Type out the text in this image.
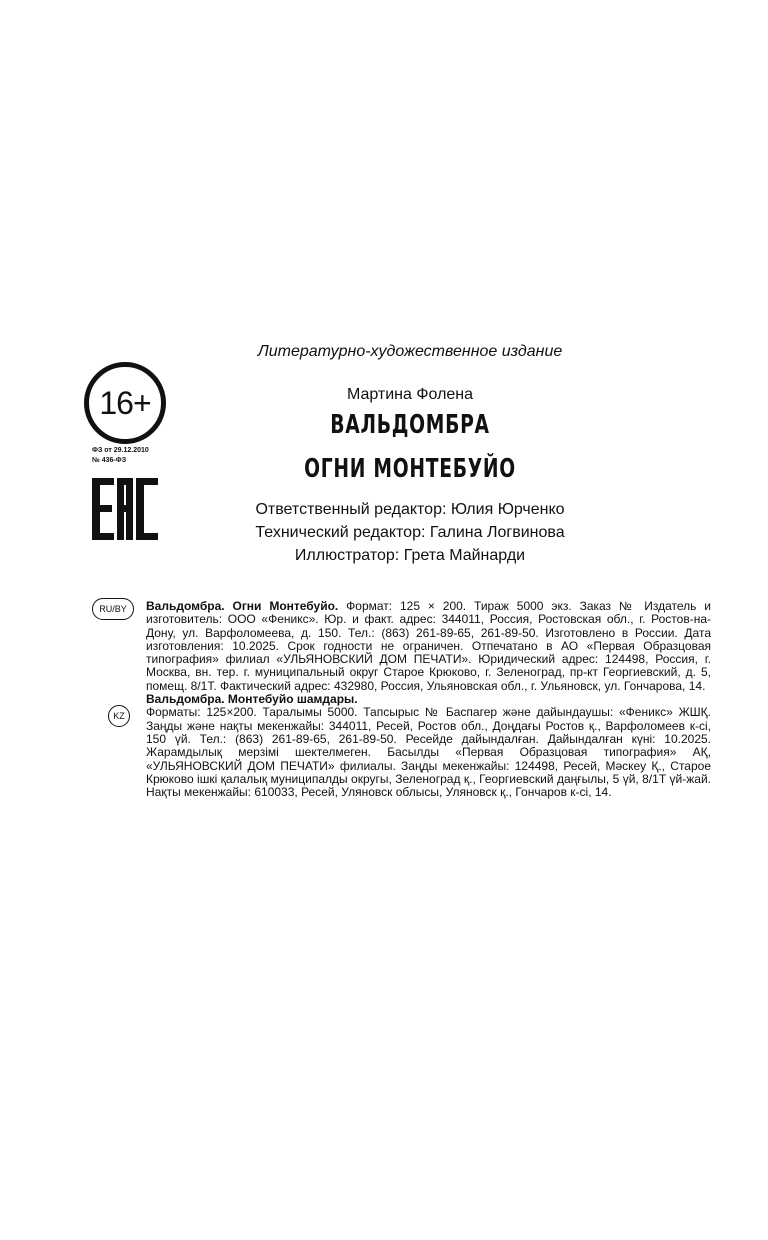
Литературно-художественное издание
16+
ФЗ от 29.12.2010
№ 436-ФЗ
Мартина Фолена
ВАЛЬДОМБРА
ОГНИ МОНТЕБУЙО
Ответственный редактор: Юлия Юрченко
Технический редактор: Галина Логвинова
Иллюстратор: Грета Майнарди
RU/BY
KZ

Вальдомбра. Огни Монтебуйо. Формат: 125 × 200. Тираж 5000 экз. Заказ № Издатель и изготовитель: ООО «Феникс». Юр. и факт. адрес: 344011, Россия, Ростовская обл., г. Ростов-на-Дону, ул. Варфоломеева, д. 150. Тел.: (863) 261-89-65, 261-89-50. Изготовлено в России. Дата изготовления: 10.2025. Срок годности не ограничен. Отпечатано в АО «Первая Образцовая типография» филиал «УЛЬЯНОВСКИЙ ДОМ ПЕЧАТИ». Юридический адрес: 124498, Россия, г. Москва, вн. тер. г. муниципальный округ Старое Крюково, г. Зеленоград, пр-кт Георгиевский, д. 5, помещ. 8/1Т. Фактический адрес: 432980, Россия, Ульяновская обл., г. Ульяновск, ул. Гончарова, 14.

Вальдомбра. Монтебуйо шамдары.
Форматы: 125×200. Таралымы 5000. Тапсырыс № Баспагер және дайындаушы: «Феникс» ЖШҚ. Заңды және нақты мекенжайы: 344011, Ресей, Ростов обл., Доңдағы Ростов қ., Варфоломеев к-сі, 150 үй. Тел.: (863) 261-89-65, 261-89-50. Ресейде дайындалған. Дайындалған күні: 10.2025. Жарамдылық мерзімі шектелмеген. Басылды «Первая Образцовая типография» АҚ, «УЛЬЯНОВСКИЙ ДОМ ПЕЧАТИ» филиалы. Заңды мекенжайы: 124498, Ресей, Мәскеу Қ., Старое Крюково ішкі қалалық муниципалды округы, Зеленоград қ., Георгиевский даңғылы, 5 үй, 8/1Т үй-жай. Нақты мекенжайы: 610033, Ресей, Уляновск облысы, Уляновск қ., Гончаров к-сі, 14.
